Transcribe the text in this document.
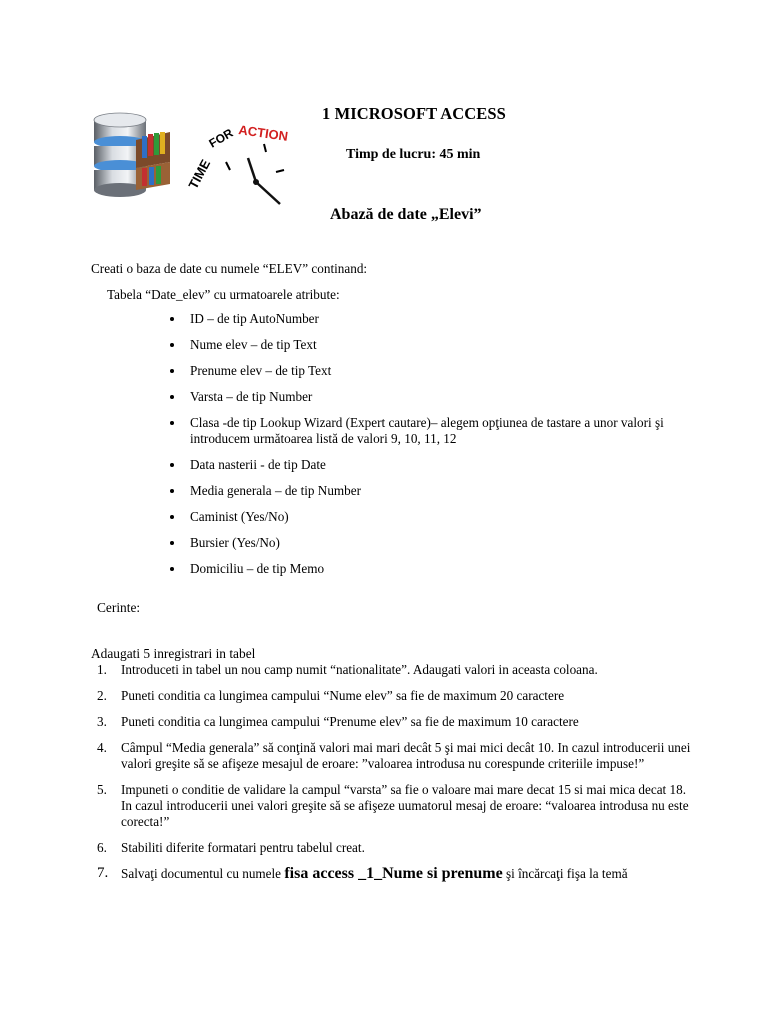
TIME
FOR ACTION
1 MICROSOFT ACCESS
Timp de lucru: 45 min
Abază de date „Elevi”
Creati o baza de date cu numele “ELEV” continand:
Tabela “Date_elev” cu urmatoarele atribute:
ID – de tip AutoNumber
Nume elev – de tip Text
Prenume elev – de tip Text
Varsta – de tip Number
Clasa -de tip Lookup Wizard (Expert cautare)– alegem opţiunea de tastare a unor valori şi introducem următoarea listă de valori 9, 10, 11, 12
Data nasterii - de tip Date
Media generala – de tip Number
Caminist (Yes/No)
Bursier (Yes/No)
Domiciliu – de tip Memo
Cerinte:
Adaugati 5 inregistrari in tabel
1. Introduceti in tabel un nou camp numit “nationalitate”. Adaugati valori in aceasta coloana.
2. Puneti conditia ca lungimea campului “Nume elev” sa fie de maximum 20 caractere
3. Puneti conditia ca lungimea campului “Prenume elev” sa fie de maximum 10 caractere
4. Câmpul “Media generala” să conţină valori mai mari decât 5 şi mai mici decât 10. In cazul introducerii unei valori greşite să se afişeze mesajul de eroare: ”valoarea introdusa nu corespunde criteriile impuse!”
5. Impuneti o conditie de validare la campul “varsta” sa fie o valoare mai mare decat 15 si mai mica decat 18. In cazul introducerii unei valori greşite să se afişeze uumatorul mesaj de eroare: “valoarea introdusa nu este corecta!”
6. Stabiliti diferite formatari pentru tabelul creat.
7. Salvaţi documentul cu numele fisa access _1_Nume si prenume şi încărcaţi fişa la temă
